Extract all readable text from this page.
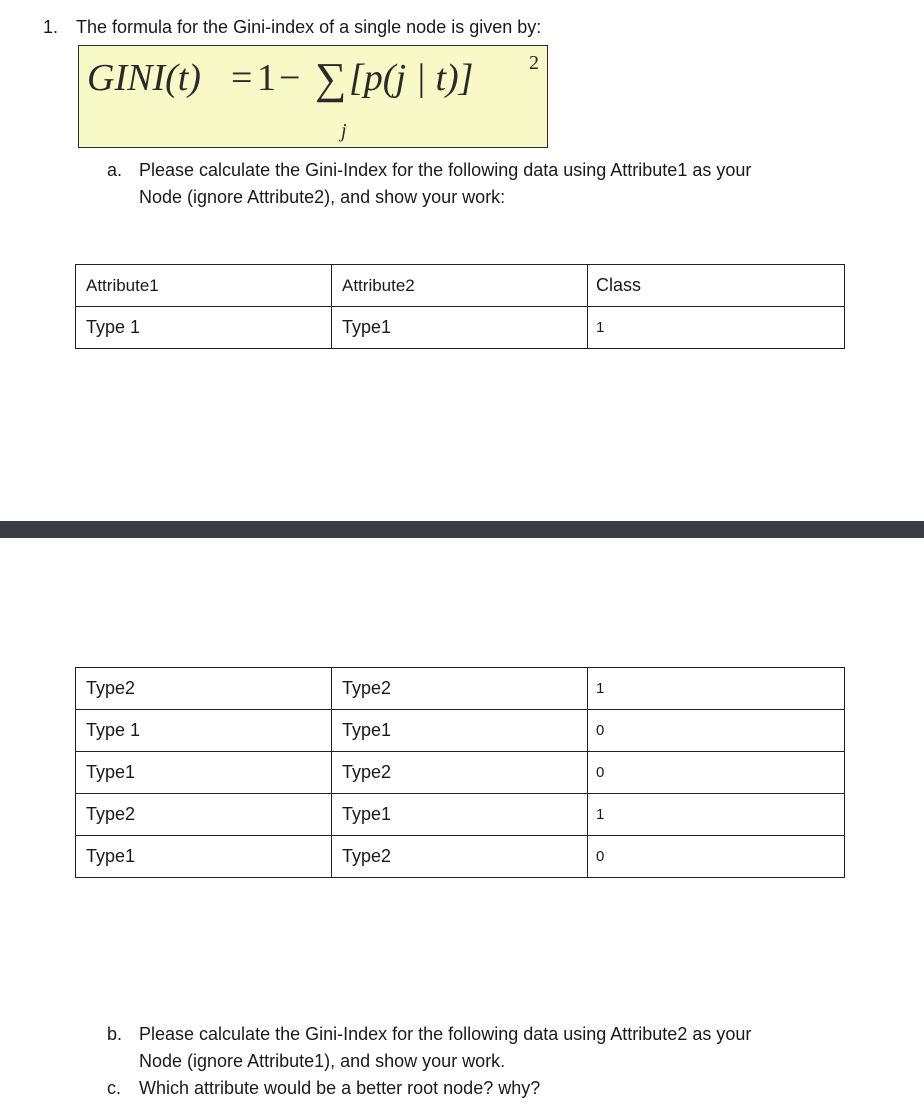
1. The formula for the Gini-index of a single node is given by:
GINI(t) = 1 − ∑ [p(j | t)]	2
j
a. Please calculate the Gini-Index for the following data using Attribute1 as your
Node (ignore Attribute2), and show your work:
Attribute1	Attribute2	Class
Type 1	Type1	1
Type2	Type2	1
Type 1	Type1	0
Type1	Type2	0
Type2	Type1	1
Type1	Type2	0
b. Please calculate the Gini-Index for the following data using Attribute2 as your
Node (ignore Attribute1), and show your work.
c. Which attribute would be a better root node? why?
